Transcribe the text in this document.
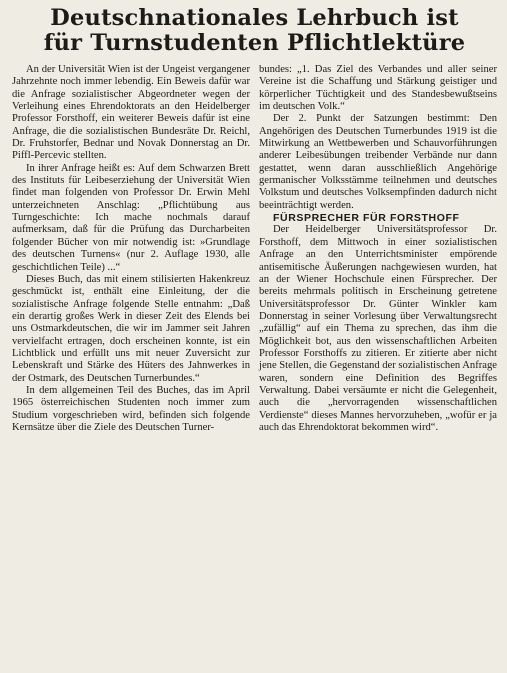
Deutschnationales Lehrbuch ist
für Turnstudenten Pflichtlektüre

An der Universität Wien ist der Ungeist vergangener Jahrzehnte noch immer lebendig. Ein Beweis dafür war die Anfrage sozialistischer Abgeordneter wegen der Verleihung eines Ehrendoktorats an den Heidelberger Professor Forsthoff, ein weiterer Beweis dafür ist eine Anfrage, die die sozialistischen Bundesräte Dr. Reichl, Dr. Fruhstorfer, Bednar und Novak Donnerstag an Dr. Piffl-Percevic stellten.

In ihrer Anfrage heißt es: Auf dem Schwarzen Brett des Instituts für Leibeserziehung der Universität Wien findet man folgenden von Professor Dr. Erwin Mehl unterzeichneten Anschlag: „Pflichtübung aus Turngeschichte: Ich mache nochmals darauf aufmerksam, daß für die Prüfung das Durcharbeiten folgender Bücher von mir notwendig ist: »Grundlage des deutschen Turnens« (nur 2. Auflage 1930, alle geschichtlichen Teile) ...“

Dieses Buch, das mit einem stilisierten Hakenkreuz geschmückt ist, enthält eine Einleitung, der die sozialistische Anfrage folgende Stelle entnahm: „Daß ein derartig großes Werk in dieser Zeit des Elends bei uns Ostmarkdeutschen, die wir im Jammer seit Jahren vervielfacht ertragen, doch erscheinen konnte, ist ein Lichtblick und erfüllt uns mit neuer Zuversicht zur Lebenskraft und Stärke des Hüters des Jahnwerkes in der Ostmark, des Deutschen Turnerbundes.“

In dem allgemeinen Teil des Buches, das im April 1965 österreichischen Studenten noch immer zum Studium vorgeschrieben wird, befinden sich folgende Kernsätze über die Ziele des Deutschen Turner-

bundes: „1. Das Ziel des Verbandes und aller seiner Vereine ist die Schaffung und Stärkung geistiger und körperlicher Tüchtigkeit und des Standesbewußtseins im deutschen Volk.“

Der 2. Punkt der Satzungen bestimmt: Den Angehörigen des Deutschen Turnerbundes 1919 ist die Mitwirkung an Wettbewerben und Schauvorführungen anderer Leibesübungen treibender Verbände nur dann gestattet, wenn daran ausschließlich Angehörige germanischer Volksstämme teilnehmen und deutsches Volkstum und deutsches Volksempfinden dadurch nicht beeinträchtigt werden.

FÜRSPRECHER FÜR FORSTHOFF

Der Heidelberger Universitätsprofessor Dr. Forsthoff, dem Mittwoch in einer sozialistischen Anfrage an den Unterrichtsminister empörende antisemitische Äußerungen nachgewiesen wurden, hat an der Wiener Hochschule einen Fürsprecher. Der bereits mehrmals politisch in Erscheinung getretene Universitätsprofessor Dr. Günter Winkler kam Donnerstag in seiner Vorlesung über Verwaltungsrecht „zufällig“ auf ein Thema zu sprechen, das ihm die Möglichkeit bot, aus den wissenschaftlichen Arbeiten Professor Forsthoffs zu zitieren. Er zitierte aber nicht jene Stellen, die Gegenstand der sozialistischen Anfrage waren, sondern eine Definition des Begriffes Verwaltung. Dabei versäumte er nicht die Gelegenheit, auch die „hervorragenden wissenschaftlichen Verdienste“ dieses Mannes hervorzuheben, „wofür er ja auch das Ehrendoktorat bekommen wird“.
